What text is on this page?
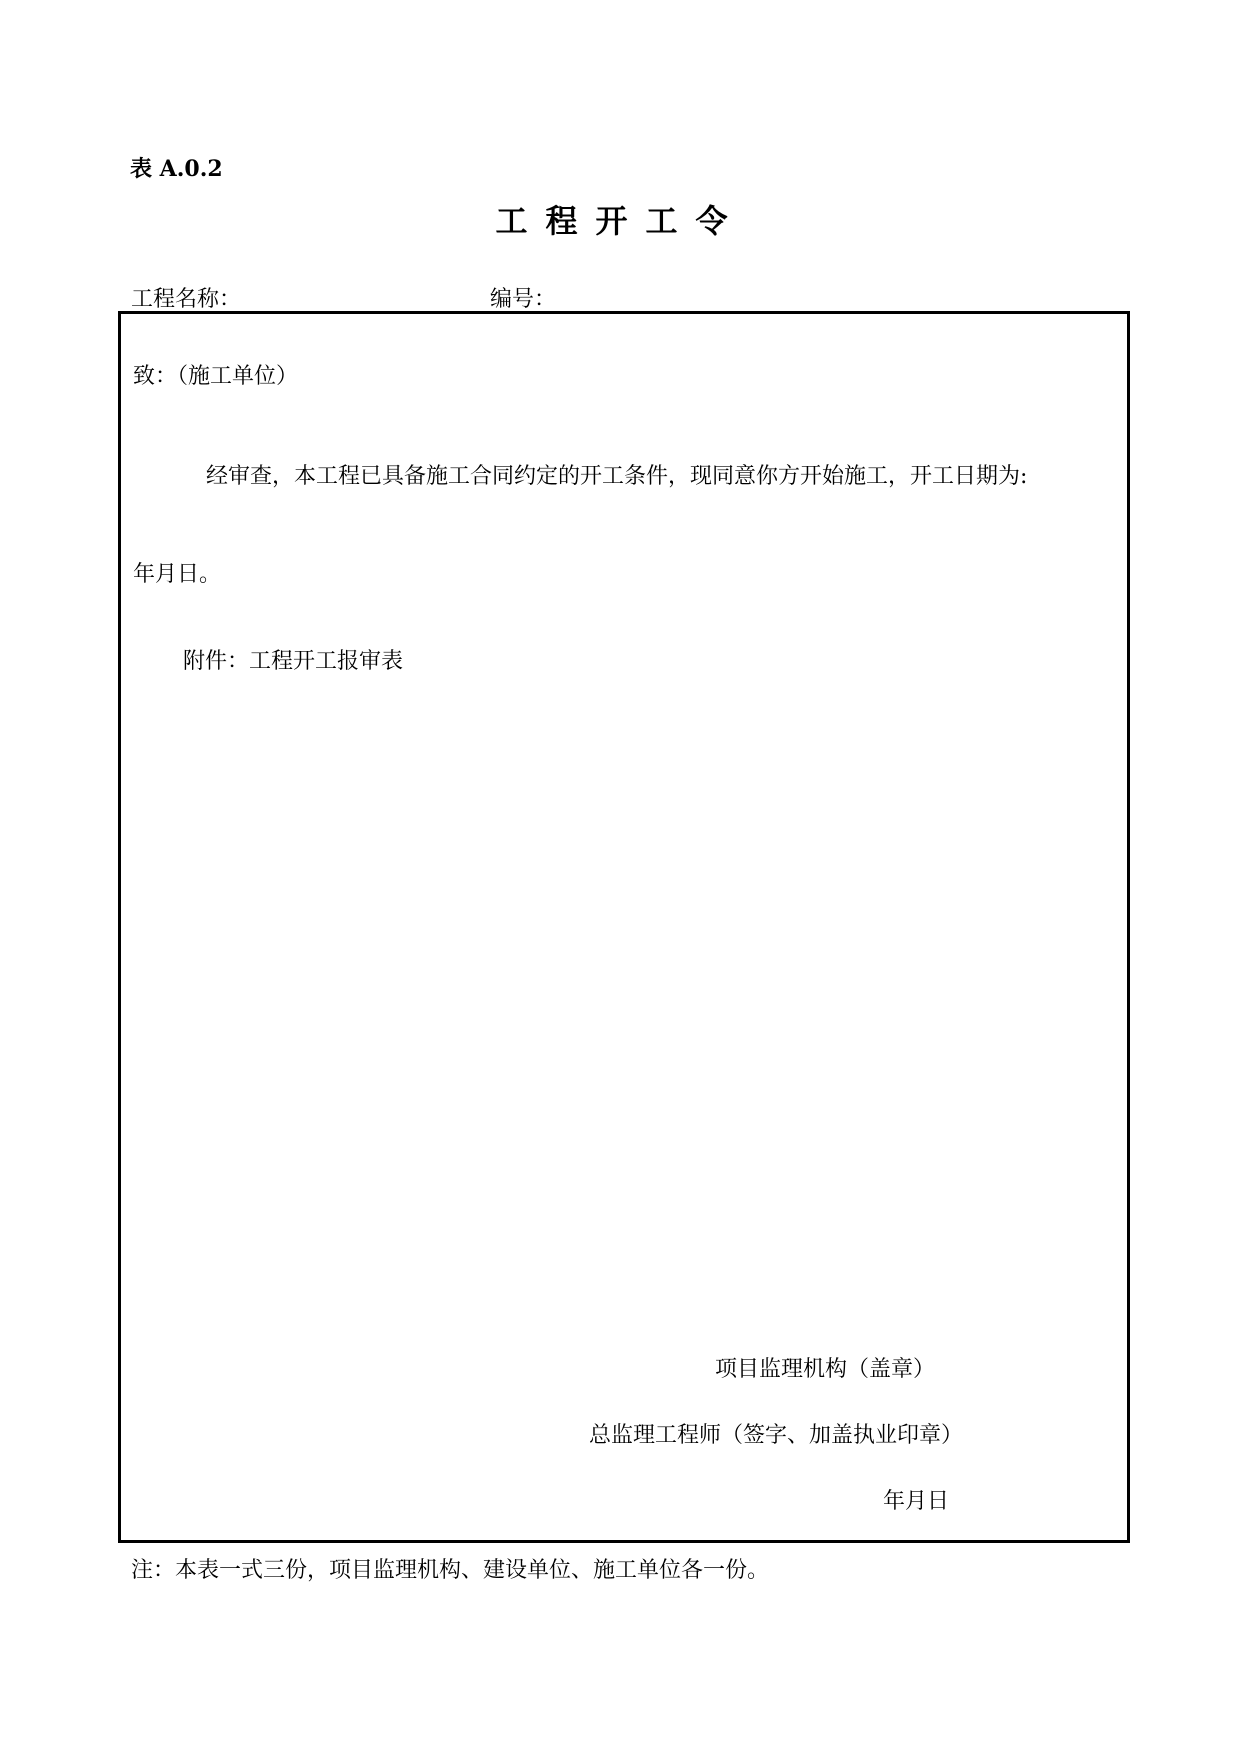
表 A.0.2
工程开工令
工程名称：	编号：
致：（施工单位）
经审查，本工程已具备施工合同约定的开工条件，现同意你方开始施工，开工日期为:
年月日。
附件：工程开工报审表
项目监理机构（盖章）
总监理工程师（签字、加盖执业印章）
年月日
注：本表一式三份，项目监理机构、建设单位、施工单位各一份。
